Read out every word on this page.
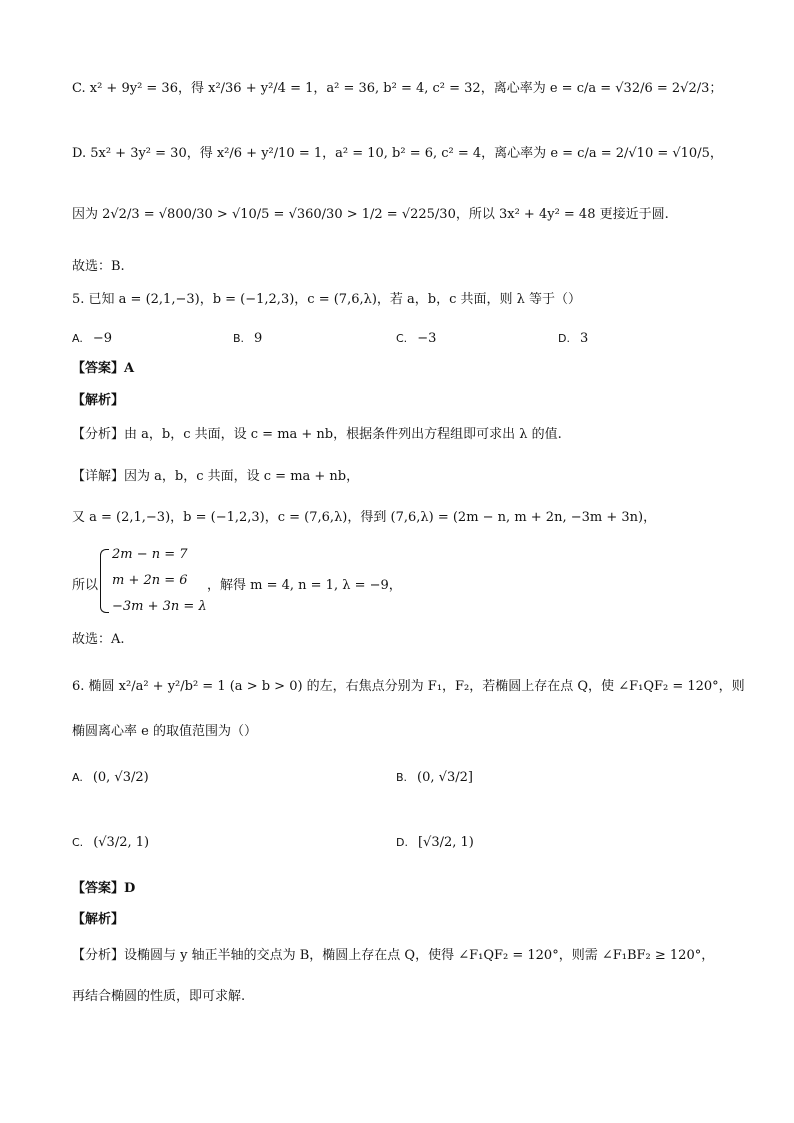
C. x² + 9y² = 36，得 x²/36 + y²/4 = 1，a² = 36, b² = 4, c² = 32，离心率为 e = c/a = √32/6 = 2√2/3；
D. 5x² + 3y² = 30，得 x²/6 + y²/10 = 1，a² = 10, b² = 6, c² = 4，离心率为 e = c/a = 2/√10 = √10/5，
因为 2√2/3 = √800/30 > √10/5 = √360/30 > 1/2 = √225/30，所以 3x² + 4y² = 48 更接近于圆.
故选：B.
5. 已知 a = (2,1,−3)，b = (−1,2,3)，c = (7,6,λ)，若 a，b，c 共面，则 λ 等于（）
A. −9	B. 9	C. −3	D. 3
【答案】A
【解析】
【分析】由 a，b，c 共面，设 c = ma + nb，根据条件列出方程组即可求出 λ 的值.
【详解】因为 a，b，c 共面，设 c = ma + nb，
又 a = (2,1,−3)，b = (−1,2,3)，c = (7,6,λ)，得到 (7,6,λ) = (2m − n, m + 2n, −3m + 3n)，
所以
2m − n = 7
m + 2n = 6
−3m + 3n = λ
，解得 m = 4, n = 1, λ = −9，
故选：A.
6. 椭圆 x²/a² + y²/b² = 1 (a > b > 0) 的左，右焦点分别为 F₁，F₂，若椭圆上存在点 Q，使 ∠F₁QF₂ = 120°，则
椭圆离心率 e 的取值范围为（）
A. (0, √3/2)	B. (0, √3/2]
C. (√3/2, 1)	D. [√3/2, 1)
【答案】D
【解析】
【分析】设椭圆与 y 轴正半轴的交点为 B，椭圆上存在点 Q，使得 ∠F₁QF₂ = 120°，则需 ∠F₁BF₂ ≥ 120°，
再结合椭圆的性质，即可求解.
